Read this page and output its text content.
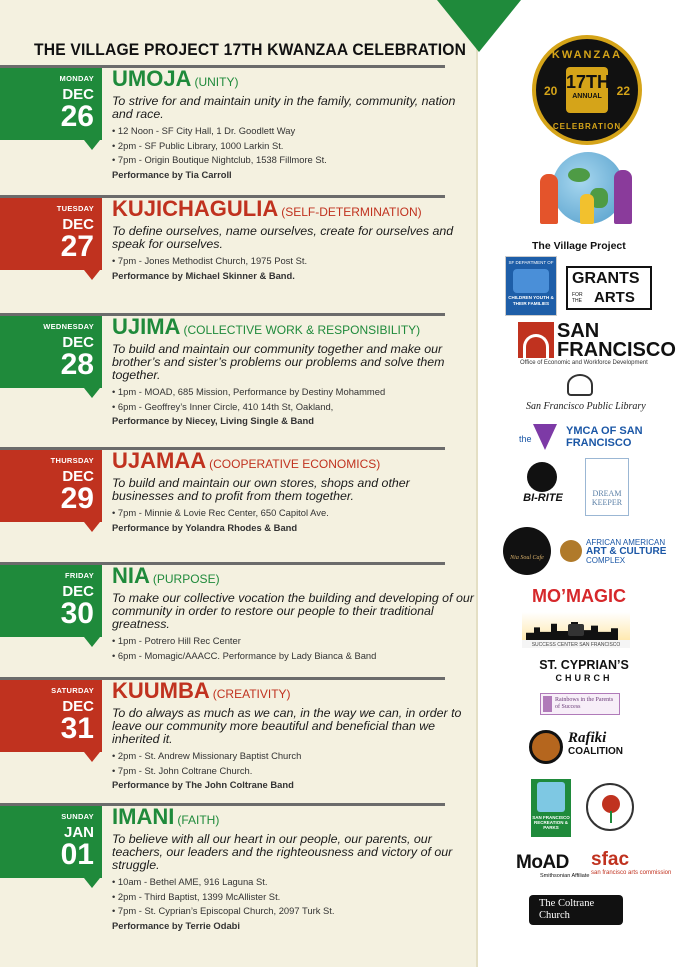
THE VILLAGE PROJECT 17TH KWANZAA CELEBRATION
MONDAY
DEC
26
UMOJA (UNITY)
To strive for and maintain unity in the family, community, nation and race.
• 12 Noon - SF City Hall, 1 Dr. Goodlett Way
• 2pm - SF Public Library, 1000 Larkin St.
• 7pm - Origin Boutique Nightclub, 1538 Fillmore St.
Performance by Tia Carroll
TUESDAY
DEC
27
KUJICHAGULIA (SELF-DETERMINATION)
To define ourselves, name ourselves, create for ourselves and speak for ourselves.
• 7pm - Jones Methodist Church, 1975 Post St.
Performance by Michael Skinner & Band.
WEDNESDAY
DEC
28
UJIMA (COLLECTIVE WORK & RESPONSIBILITY)
To build and maintain our community together and make our brother’s and sister’s problems our problems and solve them together.
• 1pm - MOAD, 685 Mission, Performance by Destiny Mohammed
• 6pm - Geoffrey’s Inner Circle, 410 14th St, Oakland,
Performance by Niecey, Living Single & Band
THURSDAY
DEC
29
UJAMAA (COOPERATIVE ECONOMICS)
To build and maintain our own stores, shops and other businesses and to profit from them together.
• 7pm - Minnie & Lovie Rec Center, 650 Capitol Ave.
Performance by Yolandra Rhodes & Band
FRIDAY
DEC
30
NIA (PURPOSE)
To make our collective vocation the building and developing of our community in order to restore our people to their traditional greatness.
• 1pm - Potrero Hill Rec Center
• 6pm - Momagic/AAACC. Performance by Lady Bianca & Band
SATURDAY
DEC
31
KUUMBA (CREATIVITY)
To do always as much as we can, in the way we can, in order to leave our community more beautiful and beneficial than we inherited it.
• 2pm - St. Andrew Missionary Baptist Church
• 7pm - St. John Coltrane Church.
Performance by The John Coltrane Band
SUNDAY
JAN
01
IMANI (FAITH)
To believe with all our heart in our people, our parents, our teachers, our leaders and the righteousness and victory of our struggle.
• 10am - Bethel AME, 916 Laguna St.
• 2pm - Third Baptist, 1399 McAllister St.
• 7pm - St. Cyprian’s Episcopal Church, 2097 Turk St.
Performance by Terrie Odabi
KWANZAA
20 17TH
ANNUAL	22
CELEBRATION
The Village Project
SF DEPARTMENT OF
CHILDREN YOUTH & THEIR FAMILIES
GRANTS
FOR THE ARTS
SAN FRANCISCO
Office of Economic and Workforce Development
San Francisco Public Library
the
YMCA OF SAN FRANCISCO
BI-RITE	DREAM KEEPER
Nia Soul Cafe
AFRICAN AMERICAN
ART & CULTURE
COMPLEX
MO’MAGIC
SUCCESS CENTER SAN FRANCISCO
ST. CYPRIAN’S
CHURCH
Rainbows in the Parents of Success
Rafiki
COALITION
SAN FRANCISCO RECREATION & PARKS
MoAD
Smithsonian Affiliate
sfac
san francisco arts commission
The Coltrane
Church
